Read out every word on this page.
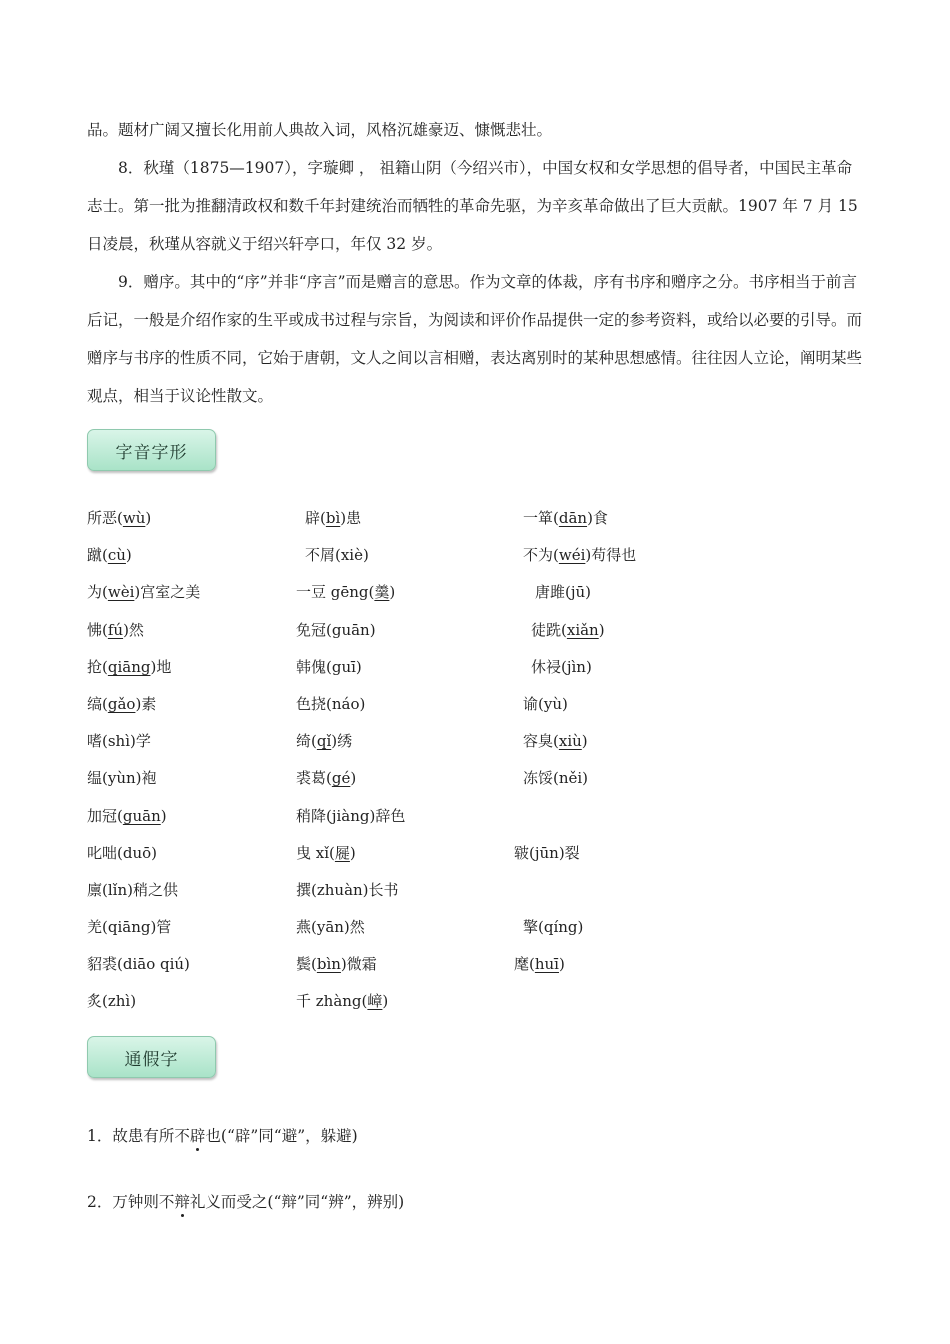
品。题材广阔又擅长化用前人典故入词，风格沉雄豪迈、慷慨悲壮。

8．秋瑾（1875—1907），字璇卿 ， 祖籍山阴（今绍兴市），中国女权和女学思想的倡导者，中国民主革命志士。第一批为推翻清政权和数千年封建统治而牺牲的革命先驱，为辛亥革命做出了巨大贡献。1907 年 7 月 15 日凌晨，秋瑾从容就义于绍兴轩亭口，年仅 32 岁。

9．赠序。其中的“序”并非“序言”而是赠言的意思。作为文章的体裁，序有书序和赠序之分。书序相当于前言后记，一般是介绍作家的生平或成书过程与宗旨，为阅读和评价作品提供一定的参考资料，或给以必要的引导。而赠序与书序的性质不同，它始于唐朝，文人之间以言相赠，表达离别时的某种思想感情。往往因人立论，阐明某些观点，相当于议论性散文。

字音字形
所恶(wù)	辟(bì)患	一箪(dān)食
蹴(cù)	不屑(xiè)	不为(wéi)苟得也
为(wèi)宫室之美	一豆 gēng(羹)	唐雎(jū)
怫(fú)然	免冠(guān)	徒跣(xiǎn)
抢(qiāng)地	韩傀(guī)	休祲(jìn)
缟(gǎo)素	色挠(náo)	谕(yù)
嗜(shì)学	绮(qǐ)绣	容臭(xiù)
缊(yùn)袍	裘葛(gé)	冻馁(něi)
加冠(guān)	稍降(jiàng)辞色
叱咄(duō)	曳 xǐ(屣)	皲(jūn)裂
廪(lǐn)稍之供	撰(zhuàn)长书
羌(qiāng)管	燕(yān)然	擎(qíng)
貂裘(diāo qiú)	鬓(bìn)微霜	麾(huī)
炙(zhì)	千 zhàng(嶂)
通假字
1．故患有所不辟也(“辟”同“避”，躲避)
2．万钟则不辩礼义而受之(“辩”同“辨”，辨别)
